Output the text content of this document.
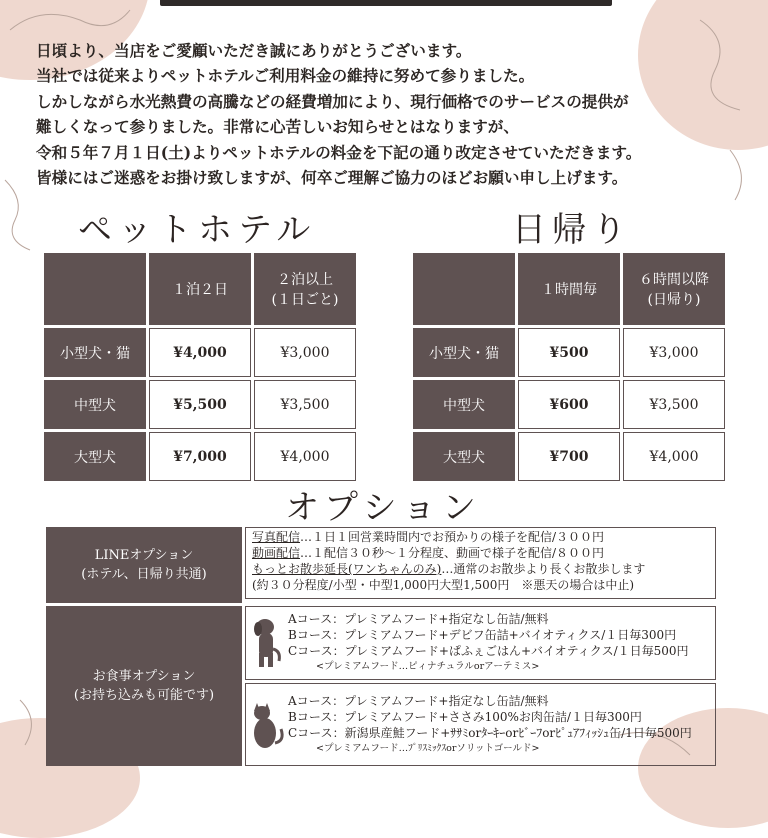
日頃より、当店をご愛顧いただき誠にありがとうございます。
当社では従来よりペットホテルご利用料金の維持に努めて参りました。
しかしながら水光熱費の高騰などの経費増加により、現行価格でのサービスの提供が
難しくなって参りました。非常に心苦しいお知らせとはなりますが、
令和５年７月１日(土)よりペットホテルの料金を下記の通り改定させていただきます。
皆様にはご迷惑をお掛け致しますが、何卒ご理解ご協力のほどお願い申し上げます。
ペットホテル
	１泊２日	２泊以上
(１日ごと)

小型犬・猫	¥4,000	¥3,000
中型犬	¥5,500	¥3,500
大型犬	¥7,000	¥4,000
日帰り
	１時間毎	６時間以降
(日帰り)

小型犬・猫	¥500	¥3,000
中型犬	¥600	¥3,500
大型犬	¥700	¥4,000
オプション
LINEオプション
(ホテル、日帰り共通)
写真配信…１日１回営業時間内でお預かりの様子を配信/３００円
動画配信…１配信３０秒～１分程度、動画で様子を配信/８００円
もっとお散歩延長(ワンちゃんのみ)…通常のお散歩より長くお散歩します
(約３０分程度/小型・中型1,000円大型1,500円　※悪天の場合は中止)
お食事オプション
(お持ち込みも可能です)
Aコース：プレミアムフード+指定なし缶詰/無料
Bコース：プレミアムフード+デビフ缶詰+バイオティクス/１日毎300円
Cコース：プレミアムフード+ぱふぇごはん+バイオティクス/１日毎500円
<プレミアムフード…ピィナチュラルorアーテミス>
Aコース：プレミアムフード+指定なし缶詰/無料
Bコース：プレミアムフード+ささみ100%お肉缶詰/１日毎300円
Cコース：新潟県産鮭フード+ｻｻﾐorﾀｰｷｰorﾋﾞｰﾌorﾋﾟｭｱﾌｨｯｼｭ缶/1日毎500円
<プレミアムフード…ﾌﾟﾘｽﾐｯｸｽorソリットゴールド>
